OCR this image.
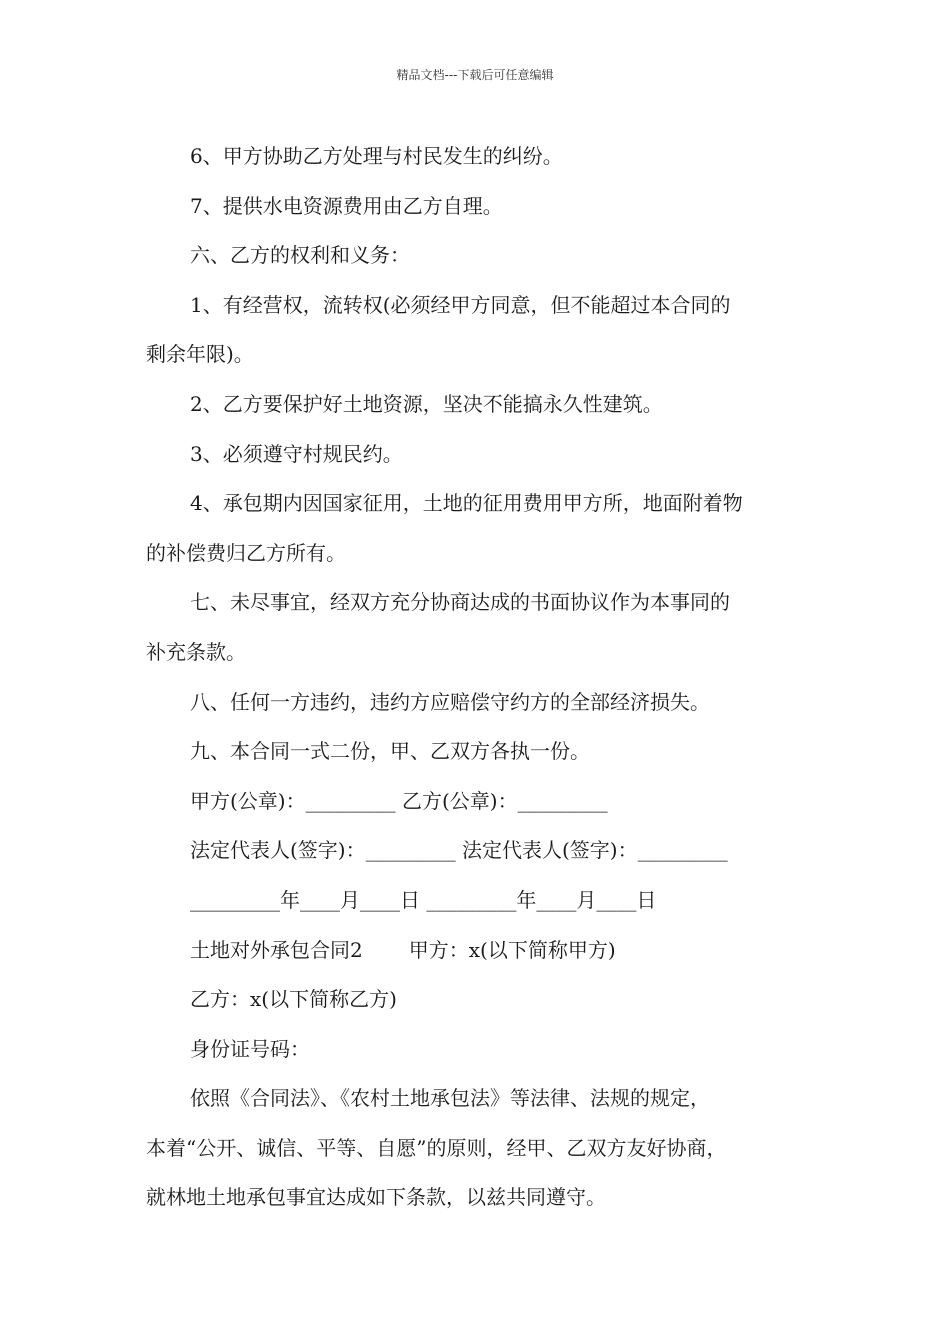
精品文档---下载后可任意编辑

6、甲方协助乙方处理与村民发生的纠纷。

7、提供水电资源费用由乙方自理。

六、乙方的权利和义务：

1、有经营权，流转权(必须经甲方同意，但不能超过本合同的

剩余年限)。

2、乙方要保护好土地资源，坚决不能搞永久性建筑。

3、必须遵守村规民约。

4、承包期内因国家征用，土地的征用费用甲方所，地面附着物

的补偿费归乙方所有。

七、未尽事宜，经双方充分协商达成的书面协议作为本事同的

补充条款。

八、任何一方违约，违约方应赔偿守约方的全部经济损失。

九、本合同一式二份，甲、乙双方各执一份。

甲方(公章)：_________ 乙方(公章)：_________

法定代表人(签字)：_________ 法定代表人(签字)：_________

_________年____月____日 _________年____月____日

土地对外承包合同2 甲方：x(以下简称甲方)

乙方：x(以下简称乙方)

身份证号码：

依照《合同法》、《农村土地承包法》等法律、法规的规定，

本着“公开、诚信、平等、自愿”的原则，经甲、乙双方友好协商，

就林地土地承包事宜达成如下条款，以兹共同遵守。
